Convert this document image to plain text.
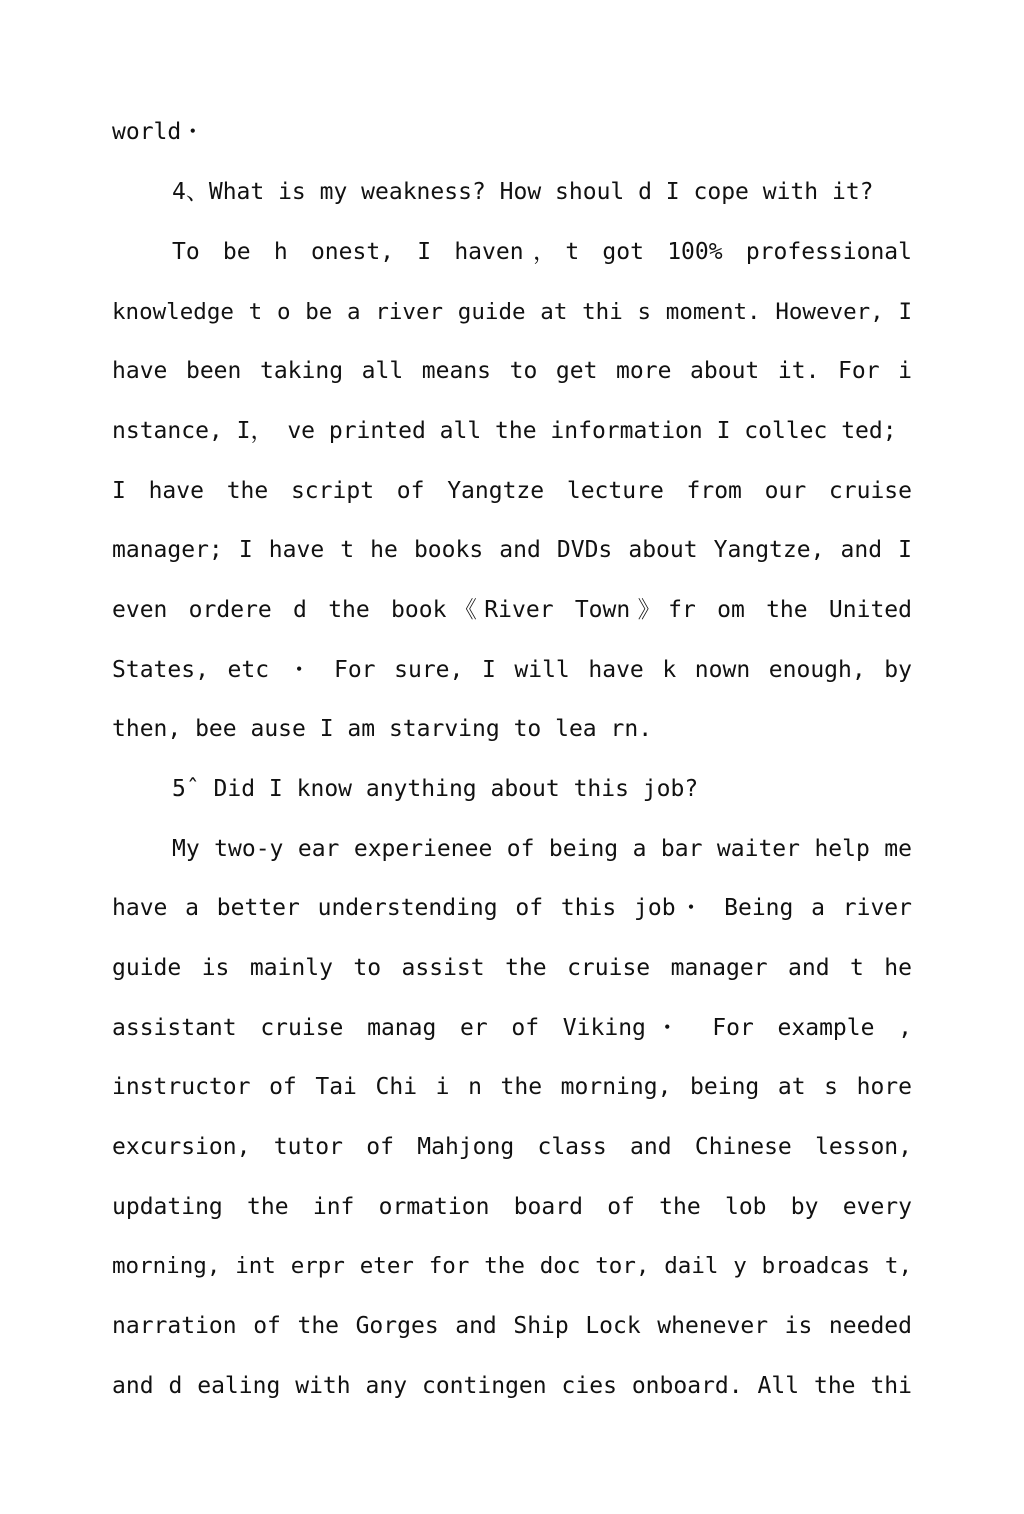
world・
4、What is my weakness? How shoul d I cope with it?
To be h onest, I haven，t got 100% professional
knowledge t o be a river guide at thi s moment. However, I
have been taking all means to get more about it. For i
nstance, I， ve printed all the information I collec ted;
I have the script of Yangtze lecture from our cruise
manager; I have t he books and DVDs about Yangtze, and I
even ordere d the book《River Town》fr om the United
States, etc ・ For sure, I will have k nown enough, by
then, bee ause I am starving to lea rn.
5ˆ Did I know anything about this job?
My two-y ear experienee of being a bar waiter help me
have a better understending of this job・ Being a river
guide is mainly to assist the cruise manager and t he
assistant cruise manag er of Viking・ For example ,
instructor of Tai Chi i n the morning, being at s hore
excursion, tutor of Mahjong class and Chinese lesson,
updating the inf ormation board of the lob by every
morning, int erpr eter for the doc tor, dail y broadcas t,
narration of the Gorges and Ship Lock whenever is needed
and d ealing with any contingen cies onboard. All the thi
